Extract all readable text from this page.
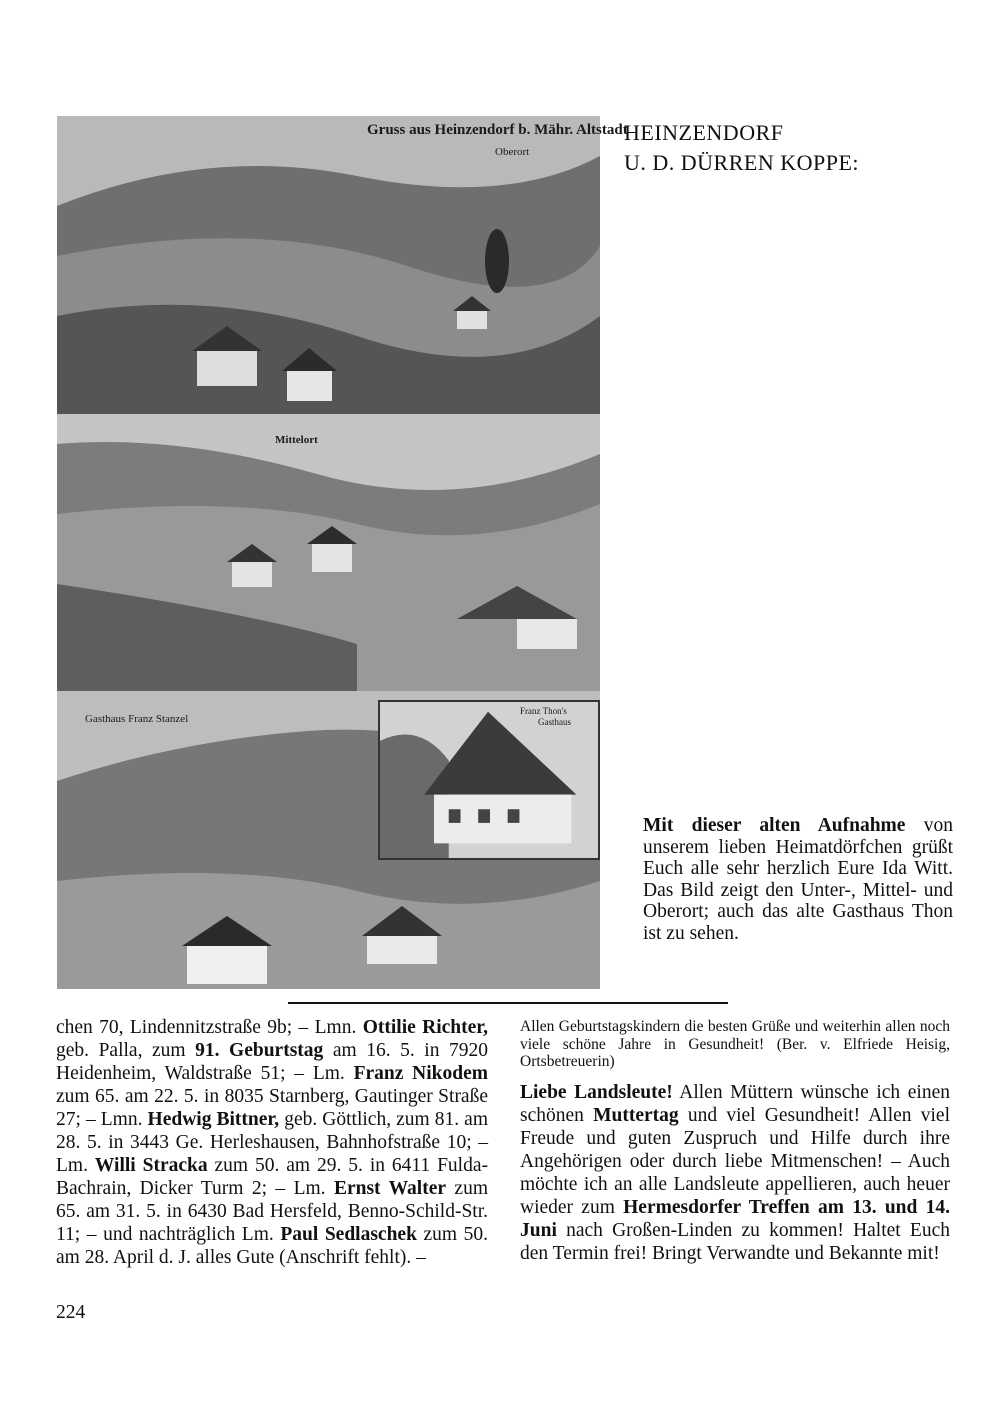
Gruss aus Heinzendorf b. Mähr. Altstadt
Oberort
Mittelort
Gasthaus Franz Stanzel
Franz Thon's
Gasthaus
HEINZENDORF
U. D. DÜRREN KOPPE:
Mit dieser alten Aufnahme von unserem lieben Heimatdörfchen grüßt Euch alle sehr herzlich Eure Ida Witt. Das Bild zeigt den Unter-, Mittel- und Oberort; auch das alte Gasthaus Thon ist zu sehen.

chen 70, Lindennitzstraße 9b; – Lmn. Ottilie Richter, geb. Palla, zum 91. Geburtstag am 16. 5. in 7920 Heidenheim, Waldstraße 51; – Lm. Franz Nikodem zum 65. am 22. 5. in 8035 Starnberg, Gautinger Straße 27; – Lmn. Hedwig Bittner, geb. Göttlich, zum 81. am 28. 5. in 3443 Ge. Herleshausen, Bahnhofstraße 10; – Lm. Willi Stracka zum 50. am 29. 5. in 6411 Fulda-Bachrain, Dicker Turm 2; – Lm. Ernst Walter zum 65. am 31. 5. in 6430 Bad Hersfeld, Benno-Schild-Str. 11; – und nachträglich Lm. Paul Sedlaschek zum 50. am 28. April d. J. alles Gute (Anschrift fehlt). –

Allen Geburtstagskindern die besten Grüße und weiterhin allen noch viele schöne Jahre in Gesundheit! (Ber. v. Elfriede Heisig, Ortsbetreuerin)

Liebe Landsleute! Allen Müttern wünsche ich einen schönen Muttertag und viel Gesundheit! Allen viel Freude und guten Zuspruch und Hilfe durch ihre Angehörigen oder durch liebe Mitmenschen! – Auch möchte ich an alle Landsleute appellieren, auch heuer wieder zum Hermesdorfer Treffen am 13. und 14. Juni nach Großen-Linden zu kommen! Haltet Euch den Termin frei! Bringt Verwandte und Bekannte mit!

224
